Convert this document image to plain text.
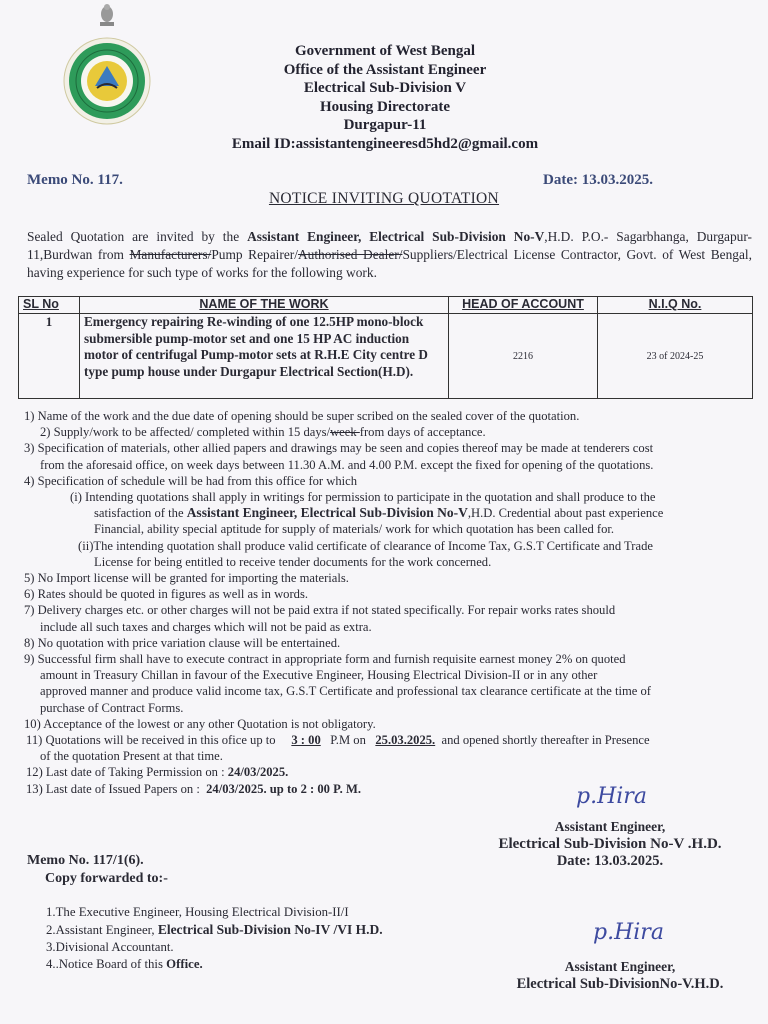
Government of West Bengal
Office of the Assistant Engineer
Electrical Sub-Division V
Housing Directorate
Durgapur-11
Email ID:assistantengineeresd5hd2@gmail.com
Memo No. 117.	Date: 13.03.2025.
NOTICE INVITING QUOTATION
Sealed Quotation are invited by the Assistant Engineer, Electrical Sub-Division No-V,H.D. P.O.- Sagarbhanga, Durgapur-11,Burdwan from Manufacturers/Pump Repairer/Authorised Dealer/Suppliers/Electrical License Contractor, Govt. of West Bengal, having experience for such type of works for the following work.
SL No	NAME OF THE WORK	HEAD OF ACCOUNT	N.I.Q No.
1	Emergency repairing Re-winding of one 12.5HP mono-block submersible pump-motor set and one 15 HP AC induction motor of centrifugal Pump-motor sets at R.H.E City centre D type pump house under Durgapur Electrical Section(H.D).	2216	23 of 2024-25

1) Name of the work and the due date of opening should be super scribed on the sealed cover of the quotation.

2) Supply/work to be affected/ completed within 15 days/week from days of acceptance.

3) Specification of materials, other allied papers and drawings may be seen and copies thereof may be made at tenderers cost

from the aforesaid office, on week days between 11.30 A.M. and 4.00 P.M. except the fixed for opening of the quotations.

4) Specification of schedule will be had from this office for which

(i) Intending quotations shall apply in writings for permission to participate in the quotation and shall produce to the

satisfaction of the Assistant Engineer, Electrical Sub-Division No-V,H.D. Credential about past experience

Financial, ability special aptitude for supply of materials/ work for which quotation has been called for.

(ii)The intending quotation shall produce valid certificate of clearance of Income Tax, G.S.T Certificate and Trade

License for being entitled to receive tender documents for the work concerned.

5) No Import license will be granted for importing the materials.

6) Rates should be quoted in figures as well as in words.

7) Delivery charges etc. or other charges will not be paid extra if not stated specifically. For repair works rates should

include all such taxes and charges which will not be paid as extra.

8) No quotation with price variation clause will be entertained.

9) Successful firm shall have to execute contract in appropriate form and furnish requisite earnest money 2% on quoted

amount in Treasury Chillan in favour of the Executive Engineer, Housing Electrical Division-II or in any other

approved manner and produce valid income tax, G.S.T Certificate and professional tax clearance certificate at the time of

purchase of Contract Forms.

10) Acceptance of the lowest or any other Quotation is not obligatory.

11) Quotations will be received in this ofice up to 3 : 00 P.M on 25.03.2025. and opened shortly thereafter in Presence

of the quotation Present at that time.

12) Last date of Taking Permission on : 24/03/2025.

13) Last date of Issued Papers on : 24/03/2025. up to 2 : 00 P. M.	p.Hira
Assistant Engineer,
Electrical Sub-Division No-V .H.D.
Date: 13.03.2025.
Memo No. 117/1(6).
Copy forwarded to:-
1.The Executive Engineer, Housing Electrical Division-II/I
2.Assistant Engineer, Electrical Sub-Division No-IV /VI H.D.
3.Divisional Accountant.
4..Notice Board of this Office.
p.Hira
Assistant Engineer,
Electrical Sub-DivisionNo-V.H.D.
